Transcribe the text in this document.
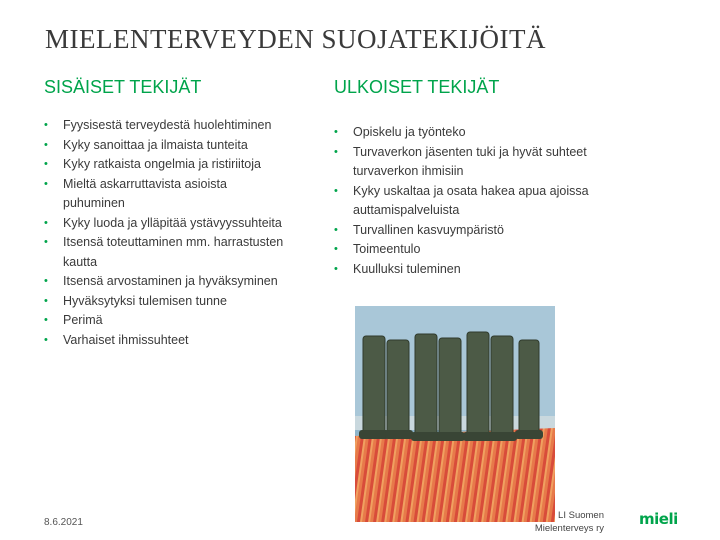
MIELENTERVEYDEN SUOJATEKIJÖITÄ
SISÄISET TEKIJÄT
• Fyysisestä terveydestä huolehtiminen
• Kyky sanoittaa ja ilmaista tunteita
• Kyky ratkaista ongelmia ja ristiriitoja
• Mieltä askarruttavista asioista puhuminen
• Kyky luoda ja ylläpitää ystävyyssuhteita
• Itsensä toteuttaminen mm. harrastusten kautta
• Itsensä arvostaminen ja hyväksyminen
• Hyväksytyksi tulemisen tunne
• Perimä
• Varhaiset ihmissuhteet
ULKOISET TEKIJÄT
• Opiskelu ja työnteko
• Turvaverkon jäsenten tuki ja hyvät suhteet turvaverkon ihmisiin
• Kyky uskaltaa ja osata hakea apua ajoissa auttamispalveluista
• Turvallinen kasvuympäristö
• Toimeentulo
• Kuulluksi tuleminen
8.6.2021
LI Suomen
Mielenterveys ry
mieli
